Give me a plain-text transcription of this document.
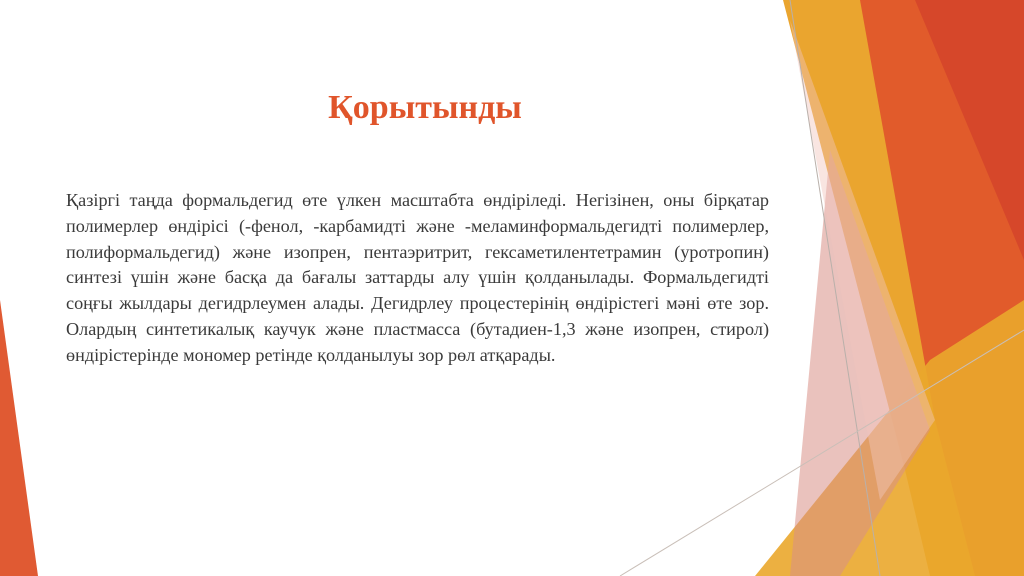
Қорытынды

Қазіргі таңда формальдегид өте үлкен масштабта өндіріледі. Негізінен, оны бірқатар полимерлер өндірісі (-фенол, -карбамидті және -меламинформальдегидті полимерлер, полиформальдегид) және изопрен, пентаэритрит, гексаметилентетрамин (уротропин) синтезі үшін және басқа да бағалы заттарды алу үшін қолданылады. Формальдегидті соңғы жылдары дегидрлеумен алады. Дегидрлеу процестерінің өндірістегі мәні өте зор. Олардың синтетикалық каучук және пластмасса (бутадиен-1,3 және изопрен, стирол) өндірістерінде мономер ретінде қолданылуы зор рөл атқарады.
